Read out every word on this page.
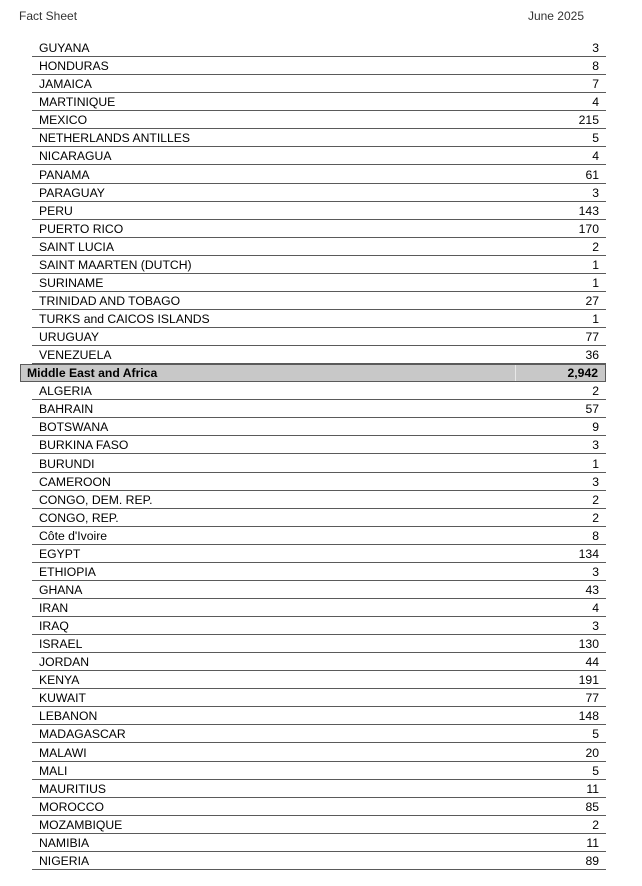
Fact Sheet	June 2025
GUYANA	3
HONDURAS	8
JAMAICA	7
MARTINIQUE	4
MEXICO	215
NETHERLANDS ANTILLES	5
NICARAGUA	4
PANAMA	61
PARAGUAY	3
PERU	143
PUERTO RICO	170
SAINT LUCIA	2
SAINT MAARTEN (DUTCH)	1
SURINAME	1
TRINIDAD AND TOBAGO	27
TURKS and CAICOS ISLANDS	1
URUGUAY	77
VENEZUELA	36
Middle East and Africa	2,942
ALGERIA	2
BAHRAIN	57
BOTSWANA	9
BURKINA FASO	3
BURUNDI	1
CAMEROON	3
CONGO, DEM. REP.	2
CONGO, REP.	2
Côte d'Ivoire	8
EGYPT	134
ETHIOPIA	3
GHANA	43
IRAN	4
IRAQ	3
ISRAEL	130
JORDAN	44
KENYA	191
KUWAIT	77
LEBANON	148
MADAGASCAR	5
MALAWI	20
MALI	5
MAURITIUS	11
MOROCCO	85
MOZAMBIQUE	2
NAMIBIA	11
NIGERIA	89
